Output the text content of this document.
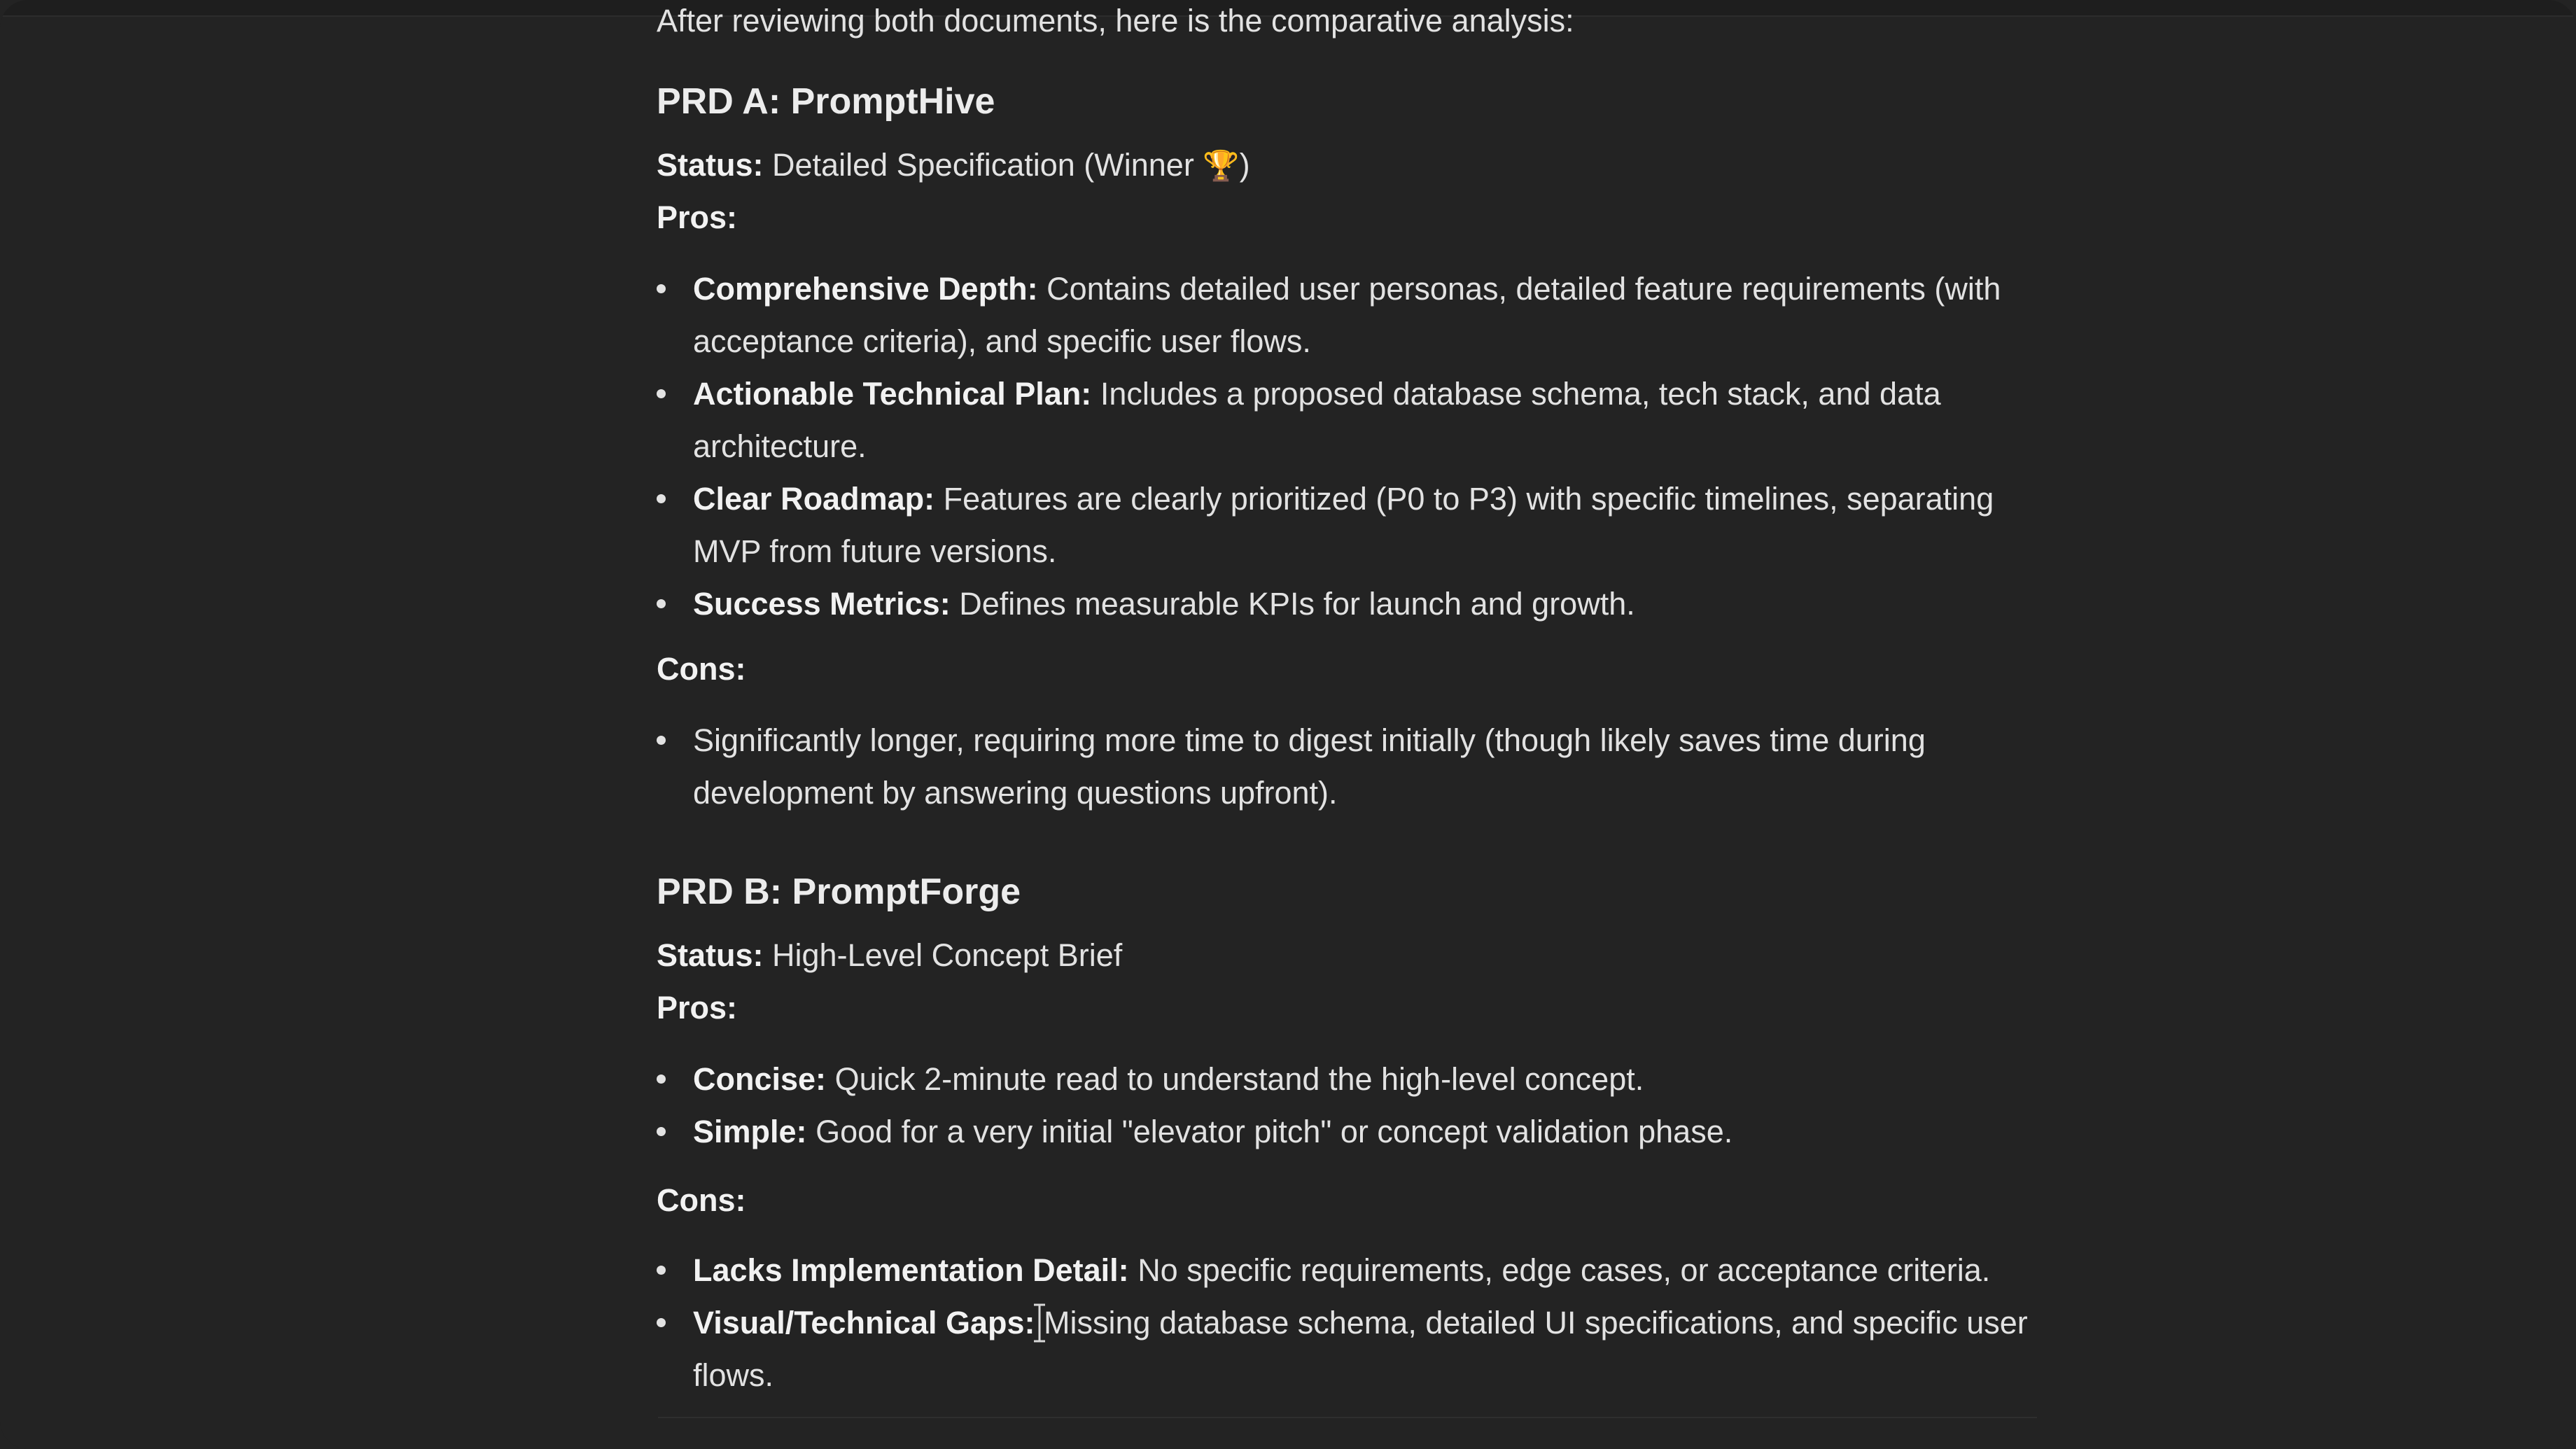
After reviewing both documents, here is the comparative analysis:
PRD A: PromptHive
Status: Detailed Specification (Winner 🏆)
Pros:
Comprehensive Depth: Contains detailed user personas, detailed feature requirements (with
acceptance criteria), and specific user flows.
Actionable Technical Plan: Includes a proposed database schema, tech stack, and data
architecture.
Clear Roadmap: Features are clearly prioritized (P0 to P3) with specific timelines, separating
MVP from future versions.
Success Metrics: Defines measurable KPIs for launch and growth.
Cons:
Significantly longer, requiring more time to digest initially (though likely saves time during
development by answering questions upfront).
PRD B: PromptForge
Status: High-Level Concept Brief
Pros:
Concise: Quick 2-minute read to understand the high-level concept.
Simple: Good for a very initial "elevator pitch" or concept validation phase.
Cons:
Lacks Implementation Detail: No specific requirements, edge cases, or acceptance criteria.
Visual/Technical Gaps: Missing database schema, detailed UI specifications, and specific user
flows.
